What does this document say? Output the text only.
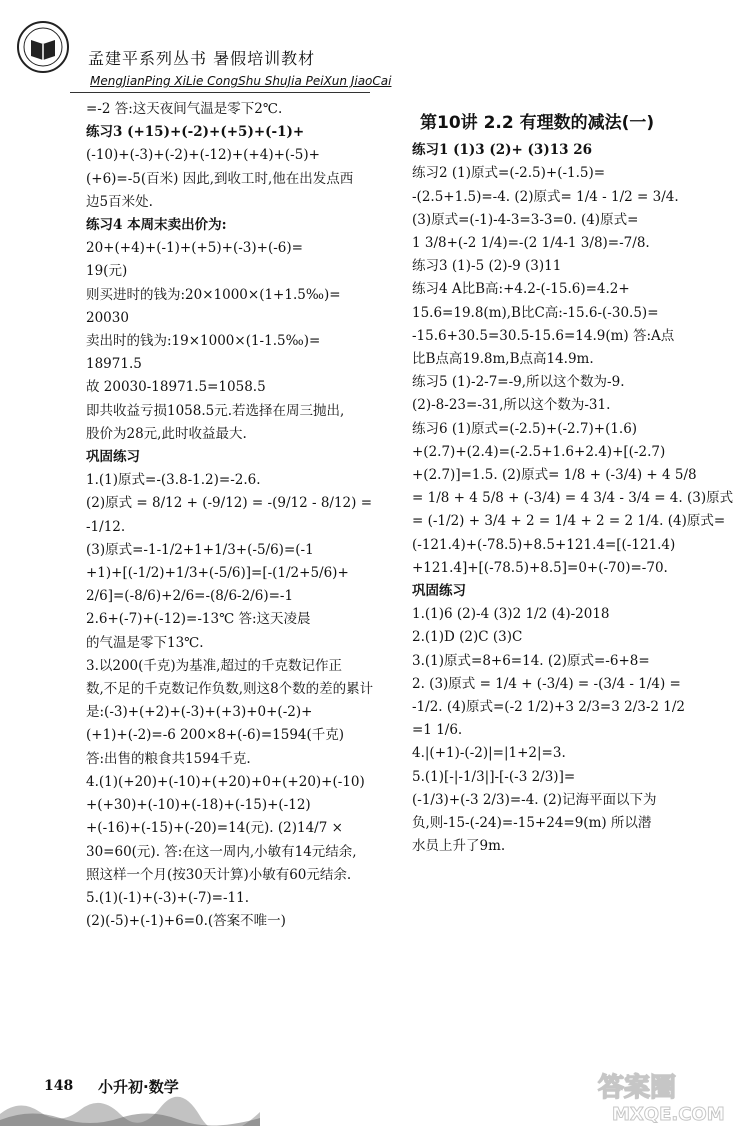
孟建平系列丛书 暑假培训教材
MengJianPing XiLie CongShu ShuJia PeiXun JiaoCai

=-2 答:这天夜间气温是零下2℃.

练习3 (+15)+(-2)+(+5)+(-1)+

(-10)+(-3)+(-2)+(-12)+(+4)+(-5)+

(+6)=-5(百米) 因此,到收工时,他在出发点西

边5百米处.

练习4 本周末卖出价为:

20+(+4)+(-1)+(+5)+(-3)+(-6)=

19(元)

则买进时的钱为:20×1000×(1+1.5‰)=

20030

卖出时的钱为:19×1000×(1-1.5‰)=

18971.5

故 20030-18971.5=1058.5

即共收益亏损1058.5元.若选择在周三抛出,

股价为28元,此时收益最大.

巩固练习

1.(1)原式=-(3.8-1.2)=-2.6.

(2)原式 = 8/12 + (-9/12) = -(9/12 - 8/12) =

-1/12.

(3)原式=-1-1/2+1+1/3+(-5/6)=(-1

+1)+[(-1/2)+1/3+(-5/6)]=[-(1/2+5/6)+

2/6]=(-8/6)+2/6=-(8/6-2/6)=-1

2.6+(-7)+(-12)=-13℃ 答:这天凌晨

的气温是零下13℃.

3.以200(千克)为基准,超过的千克数记作正

数,不足的千克数记作负数,则这8个数的差的累计

是:(-3)+(+2)+(-3)+(+3)+0+(-2)+

(+1)+(-2)=-6 200×8+(-6)=1594(千克)

答:出售的粮食共1594千克.

4.(1)(+20)+(-10)+(+20)+0+(+20)+(-10)

+(+30)+(-10)+(-18)+(-15)+(-12)

+(-16)+(-15)+(-20)=14(元). (2)14/7 ×

30=60(元). 答:在这一周内,小敏有14元结余,

照这样一个月(按30天计算)小敏有60元结余.

5.(1)(-1)+(-3)+(-7)=-11.

(2)(-5)+(-1)+6=0.(答案不唯一)

第10讲 2.2 有理数的减法(一)

练习1 (1)3 (2)+ (3)13 26

练习2 (1)原式=(-2.5)+(-1.5)=

-(2.5+1.5)=-4. (2)原式= 1/4 - 1/2 = 3/4.

(3)原式=(-1)-4-3=3-3=0. (4)原式=

1 3/8+(-2 1/4)=-(2 1/4-1 3/8)=-7/8.

练习3 (1)-5 (2)-9 (3)11

练习4 A比B高:+4.2-(-15.6)=4.2+

15.6=19.8(m),B比C高:-15.6-(-30.5)=

-15.6+30.5=30.5-15.6=14.9(m) 答:A点

比B点高19.8m,B点高14.9m.

练习5 (1)-2-7=-9,所以这个数为-9.

(2)-8-23=-31,所以这个数为-31.

练习6 (1)原式=(-2.5)+(-2.7)+(1.6)

+(2.7)+(2.4)=(-2.5+1.6+2.4)+[(-2.7)

+(2.7)]=1.5. (2)原式= 1/8 + (-3/4) + 4 5/8

= 1/8 + 4 5/8 + (-3/4) = 4 3/4 - 3/4 = 4. (3)原式

= (-1/2) + 3/4 + 2 = 1/4 + 2 = 2 1/4. (4)原式=

(-121.4)+(-78.5)+8.5+121.4=[(-121.4)

+121.4]+[(-78.5)+8.5]=0+(-70)=-70.

巩固练习

1.(1)6 (2)-4 (3)2 1/2 (4)-2018

2.(1)D (2)C (3)C

3.(1)原式=8+6=14. (2)原式=-6+8=

2. (3)原式 = 1/4 + (-3/4) = -(3/4 - 1/4) =

-1/2. (4)原式=(-2 1/2)+3 2/3=3 2/3-2 1/2

=1 1/6.

4.|(+1)-(-2)|=|1+2|=3.

5.(1)[-|-1/3|]-[-(-3 2/3)]=

(-1/3)+(-3 2/3)=-4. (2)记海平面以下为

负,则-15-(-24)=-15+24=9(m) 所以潜

水员上升了9m.

148 小升初·数学	答案圈
MXQE.COM
